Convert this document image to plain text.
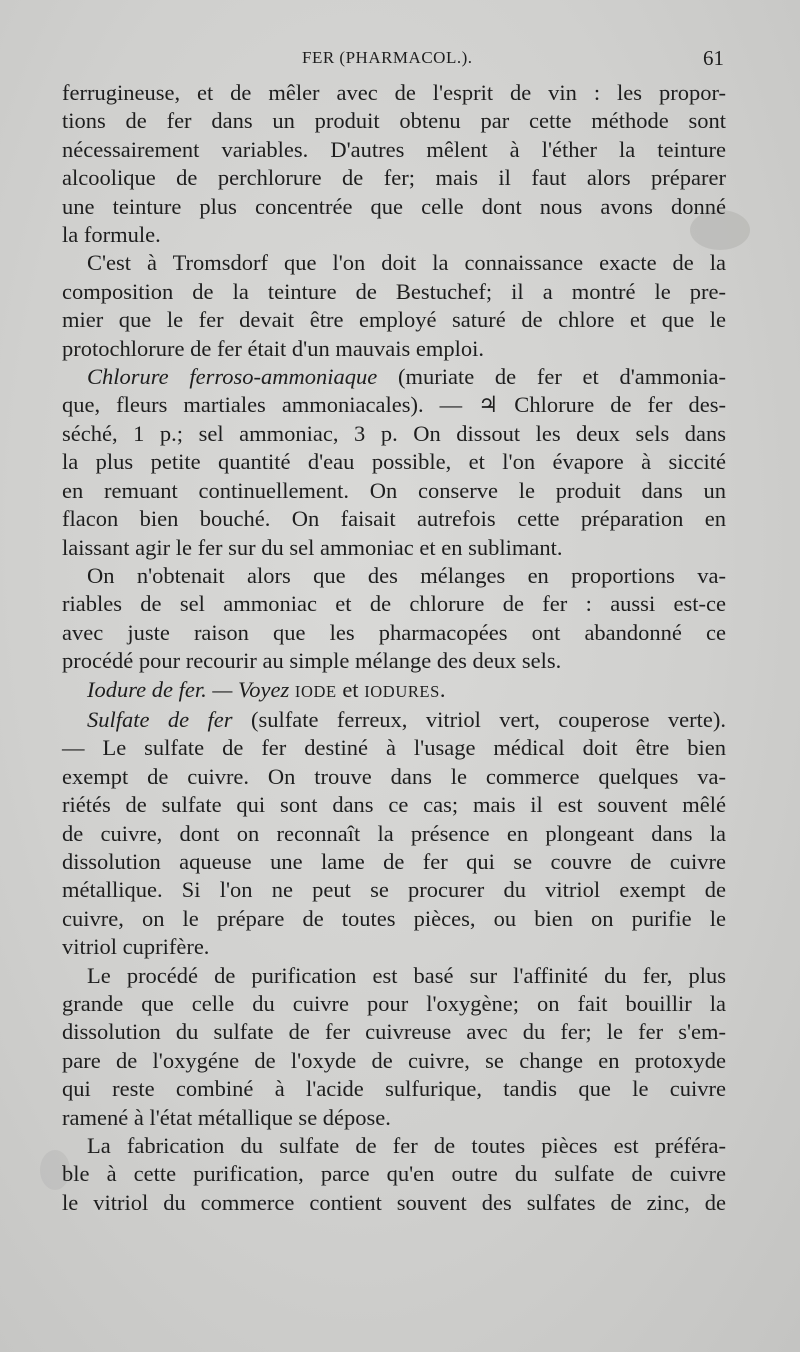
FER (PHARMACOL.).	61

ferrugineuse, et de mêler avec de l'esprit de vin : les propor-
tions de fer dans un produit obtenu par cette méthode sont
nécessairement variables. D'autres mêlent à l'éther la teinture
alcoolique de perchlorure de fer; mais il faut alors préparer
une teinture plus concentrée que celle dont nous avons donné
la formule.

C'est à Tromsdorf que l'on doit la connaissance exacte de la
composition de la teinture de Bestuchef; il a montré le pre-
mier que le fer devait être employé saturé de chlore et que le
protochlorure de fer était d'un mauvais emploi.

Chlorure ferroso-ammoniaque (muriate de fer et d'ammonia-
que, fleurs martiales ammoniacales). — ♃ Chlorure de fer des-
séché, 1 p.; sel ammoniac, 3 p. On dissout les deux sels dans
la plus petite quantité d'eau possible, et l'on évapore à siccité
en remuant continuellement. On conserve le produit dans un
flacon bien bouché. On faisait autrefois cette préparation en
laissant agir le fer sur du sel ammoniac et en sublimant.

On n'obtenait alors que des mélanges en proportions va-
riables de sel ammoniac et de chlorure de fer : aussi est-ce
avec juste raison que les pharmacopées ont abandonné ce
procédé pour recourir au simple mélange des deux sels.

Iodure de fer. — Voyez IODE et IODURES.

Sulfate de fer (sulfate ferreux, vitriol vert, couperose verte).
— Le sulfate de fer destiné à l'usage médical doit être bien
exempt de cuivre. On trouve dans le commerce quelques va-
riétés de sulfate qui sont dans ce cas; mais il est souvent mêlé
de cuivre, dont on reconnaît la présence en plongeant dans la
dissolution aqueuse une lame de fer qui se couvre de cuivre
métallique. Si l'on ne peut se procurer du vitriol exempt de
cuivre, on le prépare de toutes pièces, ou bien on purifie le
vitriol cuprifère.

Le procédé de purification est basé sur l'affinité du fer, plus
grande que celle du cuivre pour l'oxygène; on fait bouillir la
dissolution du sulfate de fer cuivreuse avec du fer; le fer s'em-
pare de l'oxygéne de l'oxyde de cuivre, se change en protoxyde
qui reste combiné à l'acide sulfurique, tandis que le cuivre
ramené à l'état métallique se dépose.

La fabrication du sulfate de fer de toutes pièces est préféra-
ble à cette purification, parce qu'en outre du sulfate de cuivre
le vitriol du commerce contient souvent des sulfates de zinc, de
